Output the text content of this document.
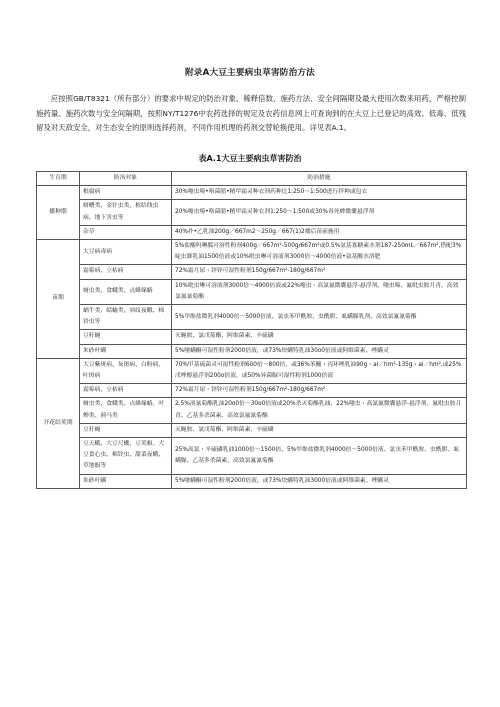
附录A大豆主要病虫草害防治方法

应按照GB/T8321（所有部分）的要求中规定的防治对象、稀释倍数、施药方法、安全间隔期及最大使用次数来用药，严格控制施药量、施药次数与安全间隔期，按照NY/T1276中农药选择的规定及农药信息网上可查询到的在大豆上已登记的高效、低毒、低残留及对天敌安全，对生态安全的原则选择药剂，不同作用机理的药剂交替轮换使用。详见表A.1。

表A.1大豆主要病虫草害防治
生育期	防治对象	防治措施
播种期	根腐病	30%噻虫嗪•咯菌腈•精甲霜灵种衣剂药种比1:250～1:500进行拌种或包衣
	蛴螬类、金针虫类、根结线虫病、地下害虫等	20%噻虫嗪•咯菌腈•精甲霜灵种衣剂1:250～1:500或30%毒死蜱微囊悬浮剂
	杂草	40%扑•乙乳油200g／667m2～250g／667(1)2播后苗前施用
苗期	大豆病毒病	5%盐酸吗啉胍可溶性粉剂400g／667m²-500g/667m²或0.5%氨基寡糖素水剂187-250mL／667m²,搭配3%啶虫脒乳油1500倍液或10%吡虫啉可溶液剂3000倍～4000倍液•氨基酸水溶肥
	霜霉病、立枯病	72%霜月尿・锌锌可湿性粉剂150g/667m²-180g/667m²
	蚜虫类、食蛾类、点蜂缘蝽	10%吡虫啉可溶液剂3000倍～4000倍液或22%噻虫・高氯氟微囊悬浮-悬浮剂、噻虫嗪、氟吡虫胺月青、高效氯氟氰菊酯
	蜗牛类、蛞蝓类、斜纹夜蛾、棉铃虫等	5%甲维盐微乳剂4000倍～5000倍液、氯虫苯甲酰胺、虫酰肼、虱螨脲乳剂、高效氯氟氰菊酯
	豆秆蝇	灭蝇胺、氯戊菊酯、阿维菌素、辛硫磷
	朱砂叶螨	5%噻螨酮可湿性粉剂2000倍液，或73%炔螨特乳油30o0倍液或阿维菌素、唑螨灵
开花结荚期	大豆紫斑病、灰斑病、白粉病、叶斑病	70%甲基硫菌灵可湿性粉剂600倍～800倍，或36%苯醚・丙环唑乳油90g・ai／hm²-135g・ai／hm²,或25%戊唑醇悬浮剂200o倍液，或50%异菌脲可湿性粉剂1000倍液
	霜霉病、立枯病	72%霜月尿・锌锌可湿性粉剂150g/667m²-180g/667m²
	蚜虫类、食蛾类、点蜂缘蝽、叶蝉类、蓟马类	2.5%溴氰菊酯乳油20o0倍～30o0倍液或20%杀灭菊酯乳油、22%噻虫・高氯氟微囊悬浮-悬浮剂、氟吡虫胺月青、乙基多杀菌素、高效氯氟氰菊酯
	豆秆蝇	灭蝇胺、氯戊菊酯、阿维菌素、辛硫磷
	豆天蛾、大豆尺蠖、豆荚螟、大豆食心虫、棉铃虫、甜菜夜蛾、草地螟等	25%高氯・辛硫磷乳油1000倍～1500倍、5%甲维盐微乳剂4000倍～5000倍液、氯虫苯甲酰胺、虫酰肼、虱螨脲、乙基多杀菌素、高效氯氟氰菊酯
	朱砂叶螨	5%噻螨酮可湿性粉剂2000倍液，或73%炔螨特乳油3000倍液或阿维菌素、唑螨灵
